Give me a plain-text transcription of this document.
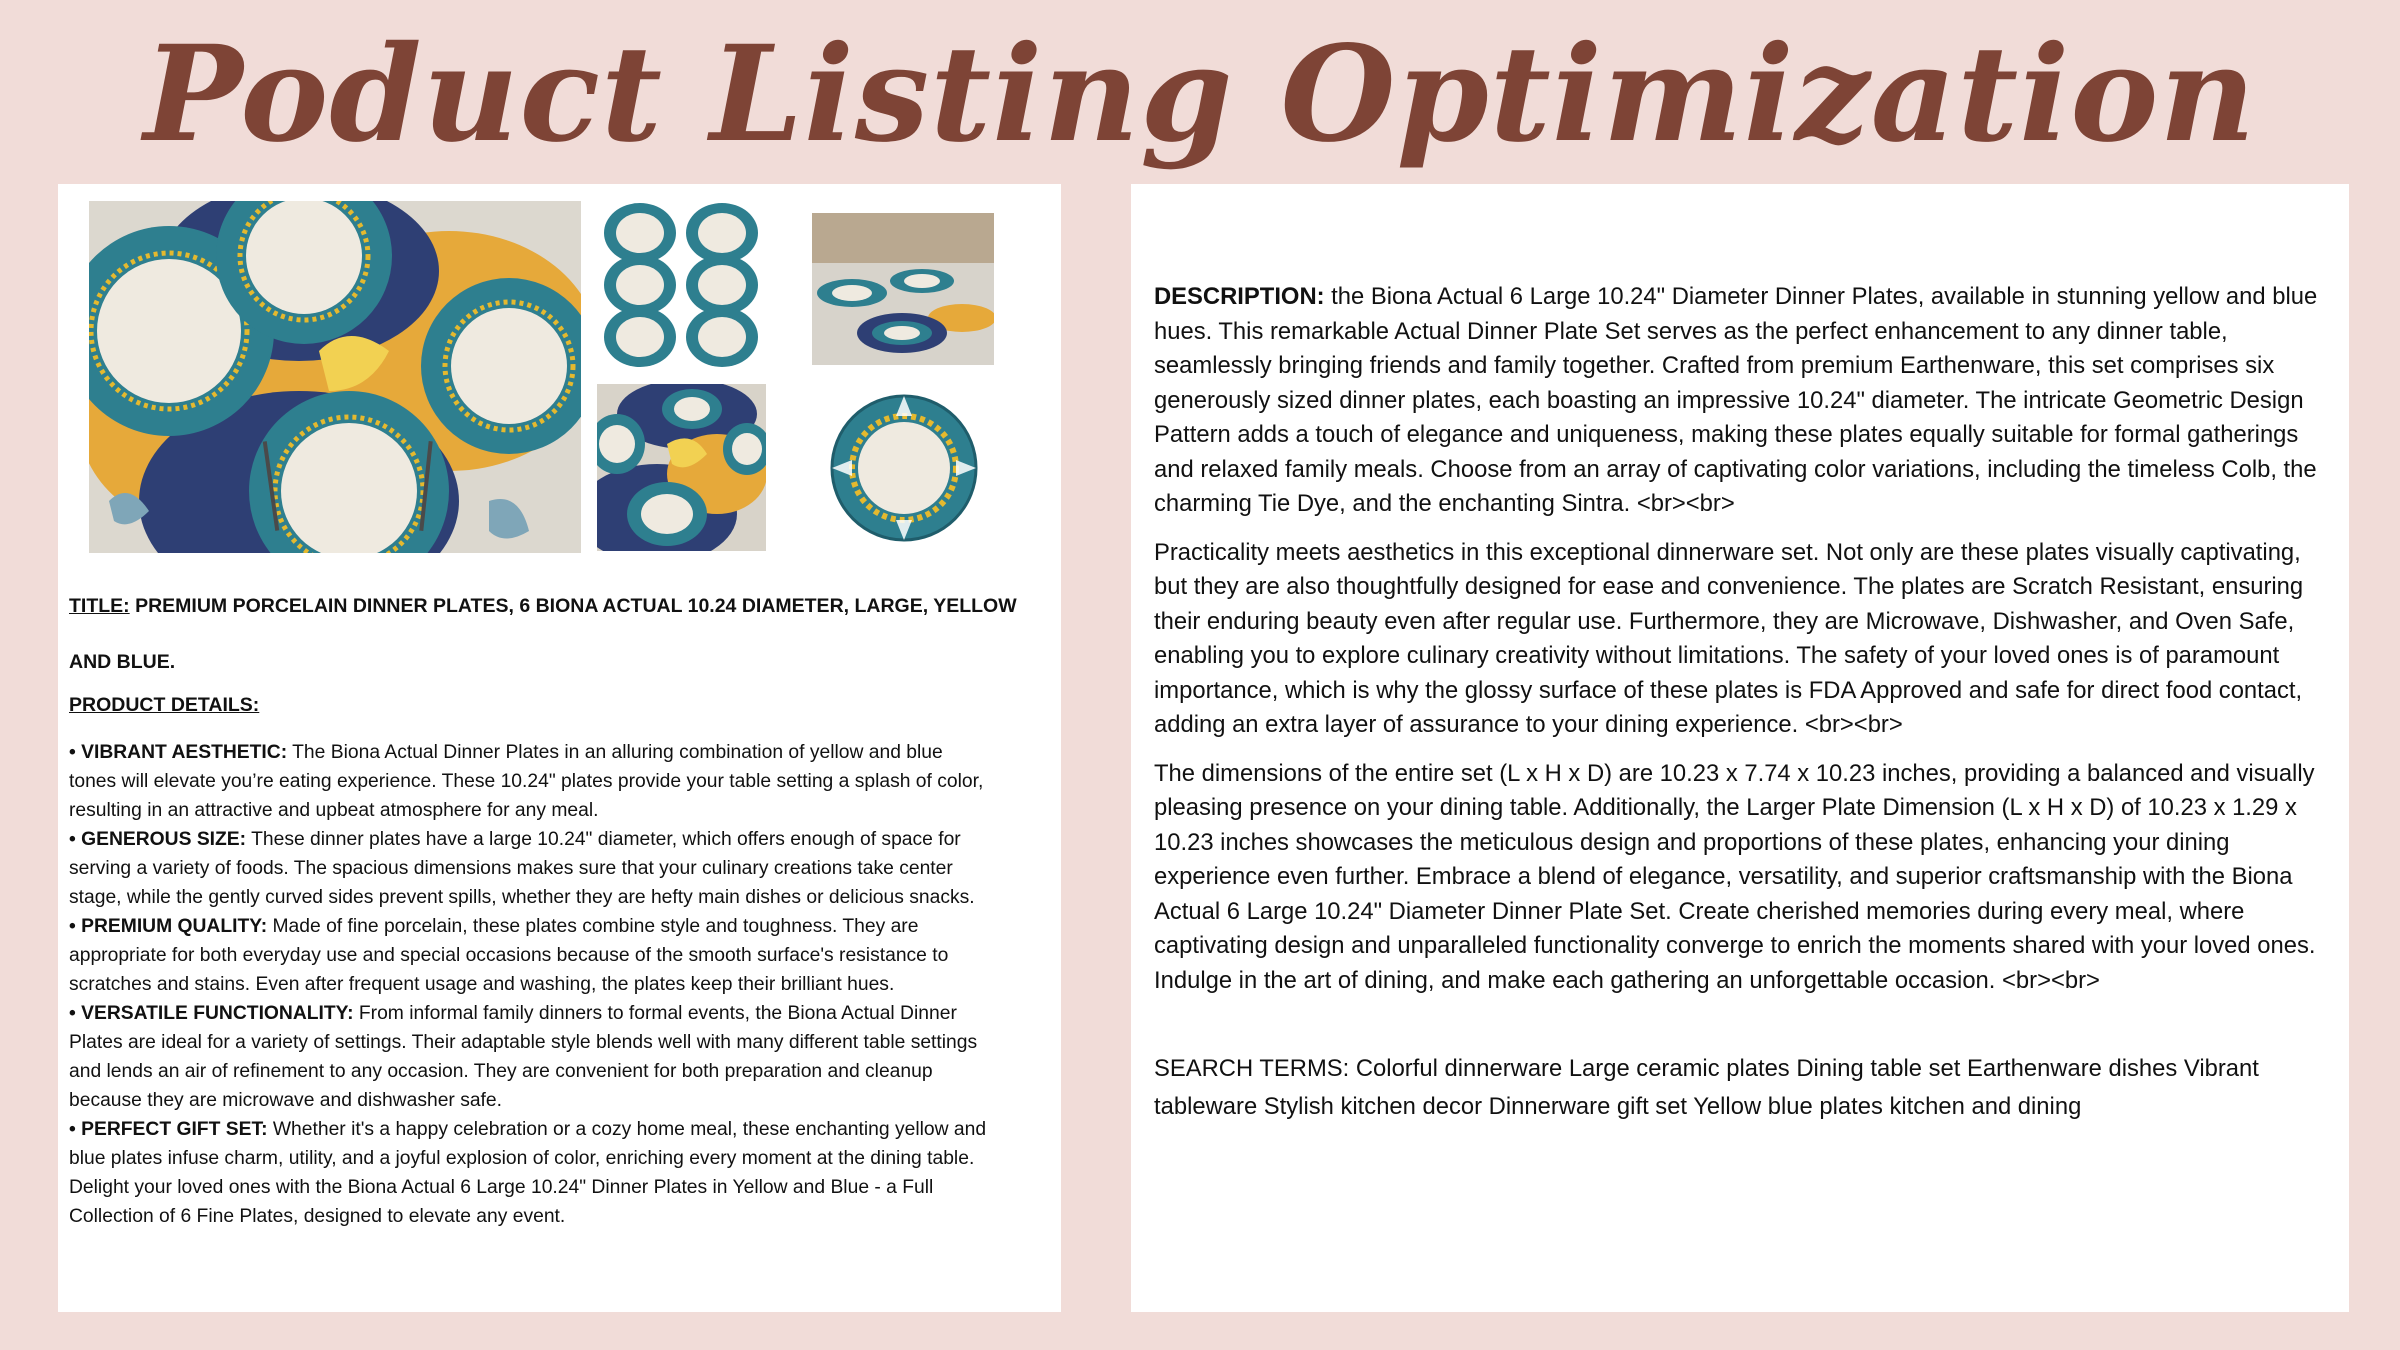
Poduct Listing Optimization

TITLE: PREMIUM PORCELAIN DINNER PLATES, 6 BIONA ACTUAL 10.24 DIAMETER, LARGE, YELLOW AND BLUE.

PRODUCT DETAILS:

• VIBRANT AESTHETIC: The Biona Actual Dinner Plates in an alluring combination of yellow and blue tones will elevate you’re eating experience. These 10.24" plates provide your table setting a splash of color, resulting in an attractive and upbeat atmosphere for any meal.

• GENEROUS SIZE: These dinner plates have a large 10.24" diameter, which offers enough of space for serving a variety of foods. The spacious dimensions makes sure that your culinary creations take center stage, while the gently curved sides prevent spills, whether they are hefty main dishes or delicious snacks.

• PREMIUM QUALITY: Made of fine porcelain, these plates combine style and toughness. They are appropriate for both everyday use and special occasions because of the smooth surface's resistance to scratches and stains. Even after frequent usage and washing, the plates keep their brilliant hues.

• VERSATILE FUNCTIONALITY: From informal family dinners to formal events, the Biona Actual Dinner Plates are ideal for a variety of settings. Their adaptable style blends well with many different table settings and lends an air of refinement to any occasion. They are convenient for both preparation and cleanup because they are microwave and dishwasher safe.

• PERFECT GIFT SET: Whether it's a happy celebration or a cozy home meal, these enchanting yellow and blue plates infuse charm, utility, and a joyful explosion of color, enriching every moment at the dining table. Delight your loved ones with the Biona Actual 6 Large 10.24" Dinner Plates in Yellow and Blue - a Full Collection of 6 Fine Plates, designed to elevate any event.

DESCRIPTION: the Biona Actual 6 Large 10.24" Diameter Dinner Plates, available in stunning yellow and blue hues. This remarkable Actual Dinner Plate Set serves as the perfect enhancement to any dinner table, seamlessly bringing friends and family together. Crafted from premium Earthenware, this set comprises six generously sized dinner plates, each boasting an impressive 10.24" diameter. The intricate Geometric Design Pattern adds a touch of elegance and uniqueness, making these plates equally suitable for formal gatherings and relaxed family meals. Choose from an array of captivating color variations, including the timeless Colb, the charming Tie Dye, and the enchanting Sintra. <br><br>

Practicality meets aesthetics in this exceptional dinnerware set. Not only are these plates visually captivating, but they are also thoughtfully designed for ease and convenience. The plates are Scratch Resistant, ensuring their enduring beauty even after regular use. Furthermore, they are Microwave, Dishwasher, and Oven Safe, enabling you to explore culinary creativity without limitations. The safety of your loved ones is of paramount importance, which is why the glossy surface of these plates is FDA Approved and safe for direct food contact, adding an extra layer of assurance to your dining experience. <br><br>

The dimensions of the entire set (L x H x D) are 10.23 x 7.74 x 10.23 inches, providing a balanced and visually pleasing presence on your dining table. Additionally, the Larger Plate Dimension (L x H x D) of 10.23 x 1.29 x 10.23 inches showcases the meticulous design and proportions of these plates, enhancing your dining experience even further. Embrace a blend of elegance, versatility, and superior craftsmanship with the Biona Actual 6 Large 10.24" Diameter Dinner Plate Set. Create cherished memories during every meal, where captivating design and unparalleled functionality converge to enrich the moments shared with your loved ones. Indulge in the art of dining, and make each gathering an unforgettable occasion. <br><br>

SEARCH TERMS: Colorful dinnerware Large ceramic plates Dining table set Earthenware dishes Vibrant tableware Stylish kitchen decor Dinnerware gift set Yellow blue plates kitchen and dining
